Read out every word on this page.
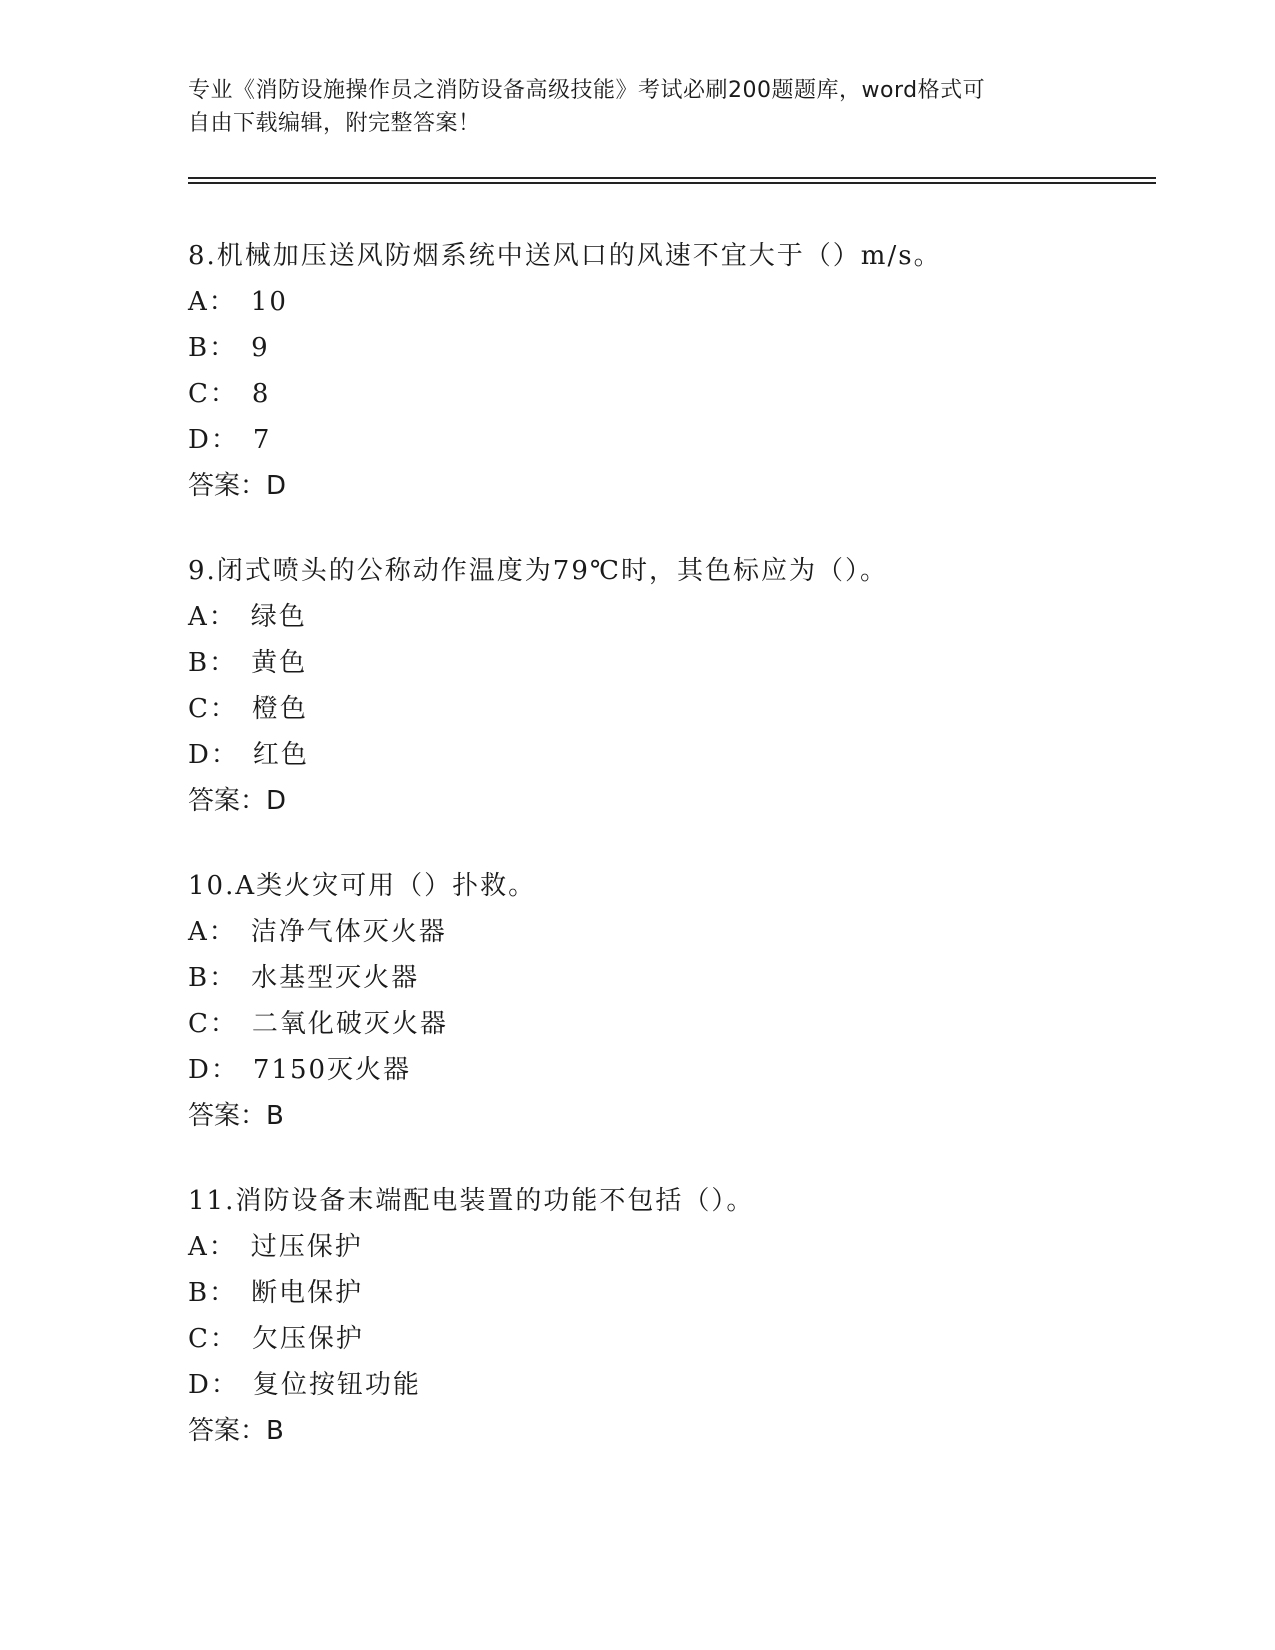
专业《消防设施操作员之消防设备高级技能》考试必刷200题题库，word格式可
自由下载编辑，附完整答案！
8.机械加压送风防烟系统中送风口的风速不宜大于（）m/s。
A： 10
B： 9
C： 8
D： 7
答案：D
9.闭式喷头的公称动作温度为79℃时，其色标应为（）。
A： 绿色
B： 黄色
C： 橙色
D： 红色
答案：D
10.A类火灾可用（）扑救。
A： 洁净气体灭火器
B： 水基型灭火器
C： 二氧化破灭火器
D： 7150灭火器
答案：B
11.消防设备末端配电装置的功能不包括（）。
A： 过压保护
B： 断电保护
C： 欠压保护
D： 复位按钮功能
答案：B
